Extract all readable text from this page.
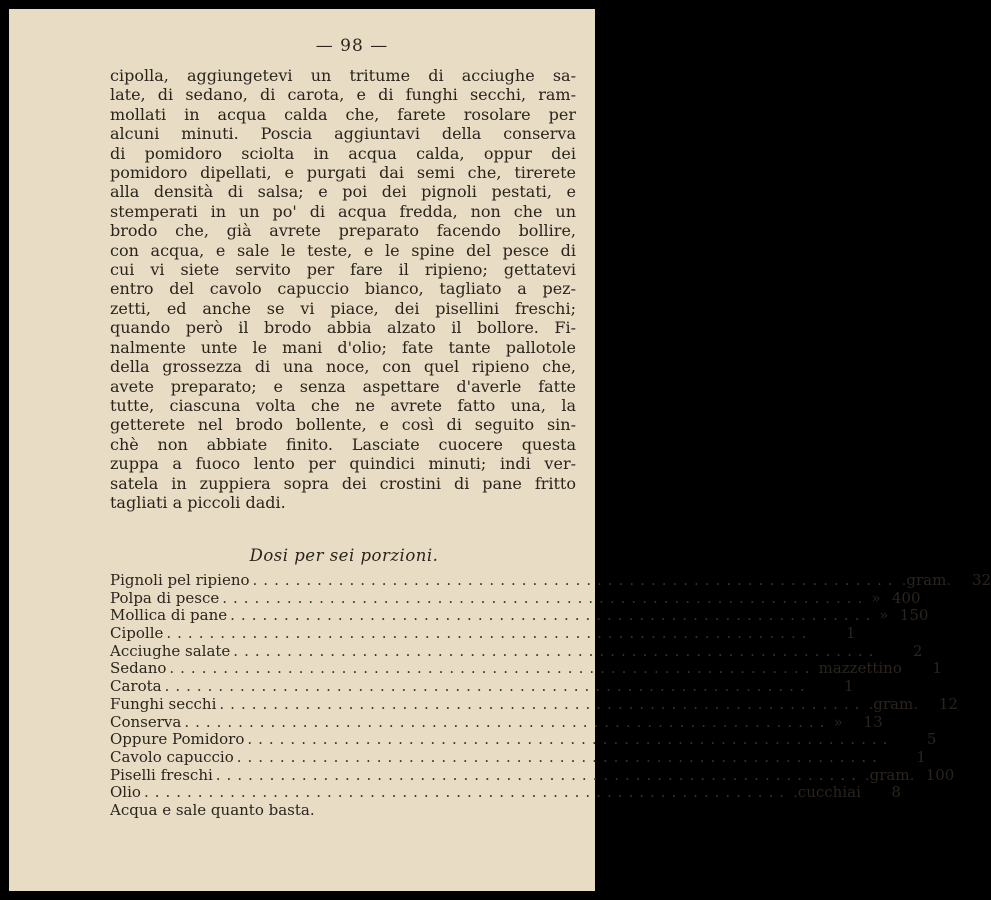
— 98 —

cipolla, aggiungetevi un tritume di acciughe sa-
late, di sedano, di carota, e di funghi secchi, ram-
mollati in acqua calda che, farete rosolare per
alcuni minuti. Poscia aggiuntavi della conserva
di pomidoro sciolta in acqua calda, oppur dei
pomidoro dipellati, e purgati dai semi che, tirerete
alla densità di salsa; e poi dei pignoli pestati, e
stemperati in un po' di acqua fredda, non che un
brodo che, già avrete preparato facendo bollire,
con acqua, e sale le teste, e le spine del pesce di
cui vi siete servito per fare il ripieno; gettatevi
entro del cavolo capuccio bianco, tagliato a pez-
zetti, ed anche se vi piace, dei pisellini freschi;
quando però il brodo abbia alzato il bollore. Fi-
nalmente unte le mani d'olio; fate tante pallotole
della grossezza di una noce, con quel ripieno che,
avete preparato; e senza aspettare d'averle fatte
tutte, ciascuna volta che ne avrete fatto una, la
getterete nel brodo bollente, e così di seguito sin-
chè non abbiate finito. Lasciate cuocere questa
zuppa a fuoco lento per quindici minuti; indi ver-
satela in zuppiera sopra dei crostini di pane fritto
tagliati a piccoli dadi.

Dosi per sei porzioni.
Pignoli pel ripieno ............................................................ .gram.	32
Polpa di pesce ............................................................ » 400
Mollica di pane ............................................................ » 150
Cipolle ............................................................	1
Acciughe salate ............................................................	2
Sedano ............................................................ mazzettino	1
Carota ............................................................	1
Funghi secchi ............................................................ .gram.	12
Conserva ............................................................ »	13
Oppure Pomidoro ............................................................	5
Cavolo capuccio ............................................................	1
Piselli freschi ............................................................ .gram. 100
Olio ............................................................ .cucchiai	8
Acqua e sale quanto basta.
